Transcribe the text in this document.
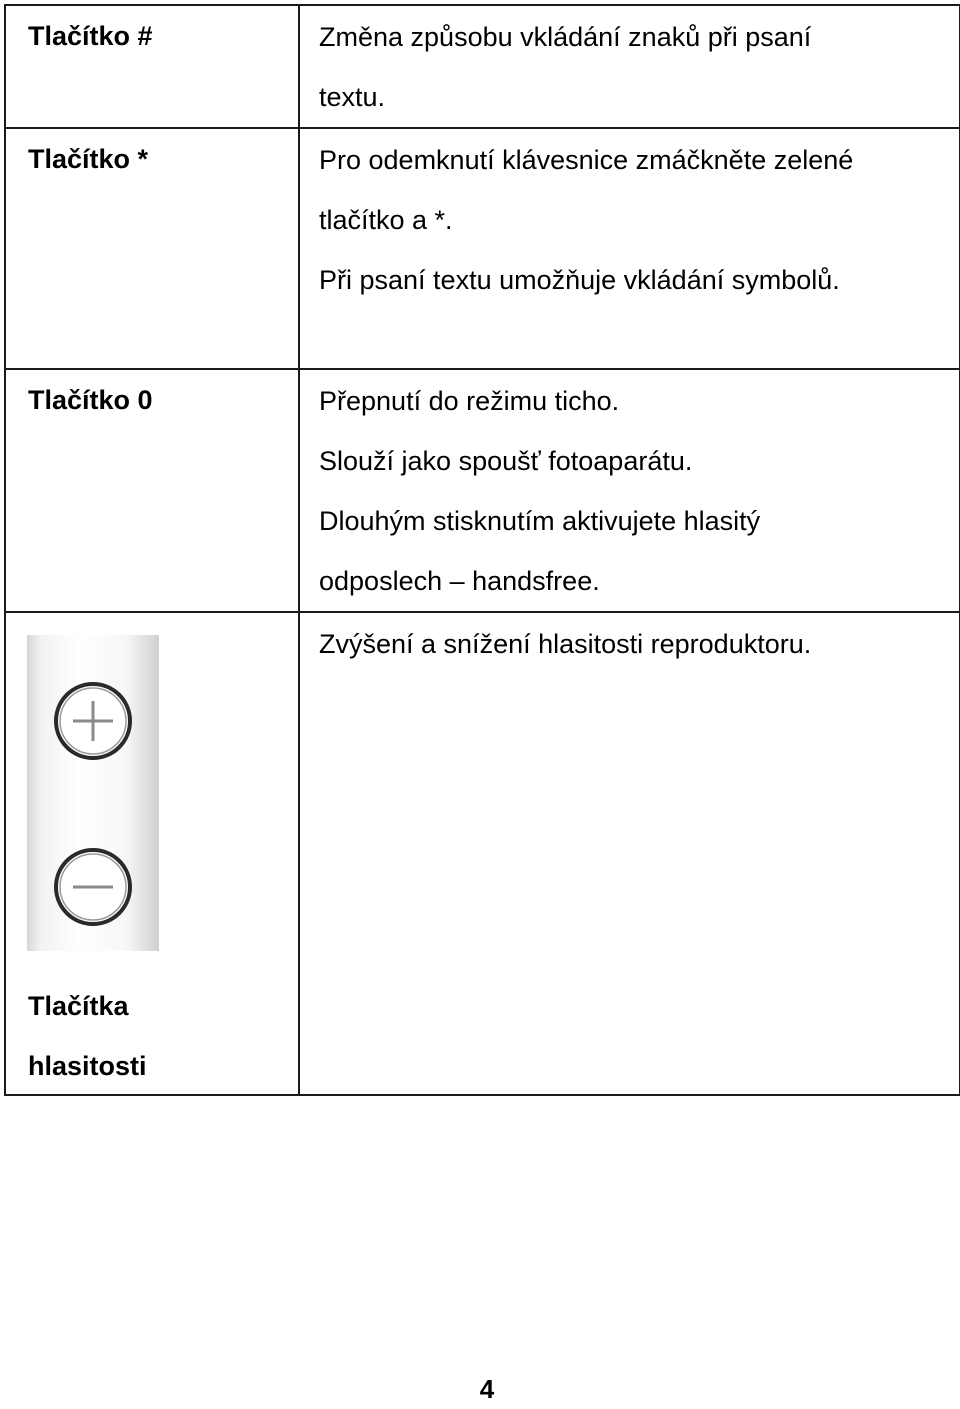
Tlačítko #	Změna způsobu vkládání znaků při psaní
textu.

Tlačítko *	Pro odemknutí klávesnice zmáčkněte zelené
tlačítko a *.
Při psaní textu umožňuje vkládání symbolů.

Tlačítko 0	Přepnutí do režimu ticho.
Slouží jako spoušť fotoaparátu.
Dlouhým stisknutím aktivujete hlasitý
odposlech – handsfree.

Tlačítka
hlasitosti	Zvýšení a snížení hlasitosti reproduktoru.
4
